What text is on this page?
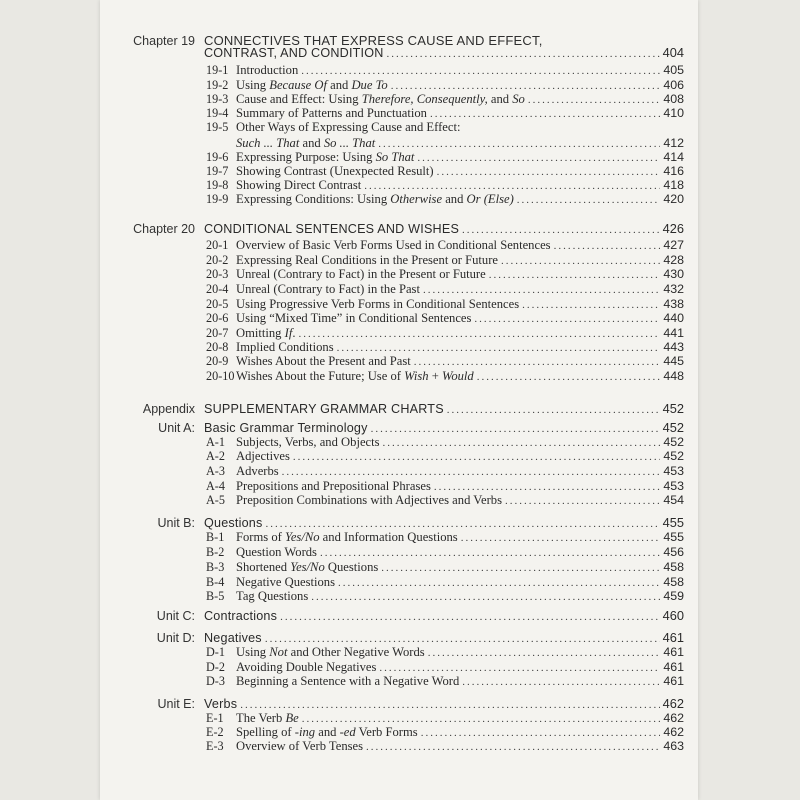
Chapter 19 CONNECTIVES THAT EXPRESS CAUSE AND EFFECT,
CONTRAST, AND CONDITION .....	404
19-1 Introduction .....	405
19-2 Using Because Of and Due To .....	406
19-3 Cause and Effect: Using Therefore, Consequently, and So .....	408
19-4 Summary of Patterns and Punctuation .....	410
19-5 Other Ways of Expressing Cause and Effect:
Such ... That and So ... That .....	412
19-6 Expressing Purpose: Using So That .....	414
19-7 Showing Contrast (Unexpected Result) .....	416
19-8 Showing Direct Contrast .....	418
19-9 Expressing Conditions: Using Otherwise and Or (Else) .....	420
Chapter 20 CONDITIONAL SENTENCES AND WISHES .....	426
20-1 Overview of Basic Verb Forms Used in Conditional Sentences .....	427
20-2 Expressing Real Conditions in the Present or Future .....	428
20-3 Unreal (Contrary to Fact) in the Present or Future .....	430
20-4 Unreal (Contrary to Fact) in the Past .....	432
20-5 Using Progressive Verb Forms in Conditional Sentences .....	438
20-6 Using “Mixed Time” in Conditional Sentences .....	440
20-7 Omitting If. .....	441
20-8 Implied Conditions .....	443
20-9 Wishes About the Present and Past .....	445
20-10 Wishes About the Future; Use of Wish + Would .....	448
Appendix SUPPLEMENTARY GRAMMAR CHARTS .....	452
Unit A: Basic Grammar Terminology .....	452
A-1 Subjects, Verbs, and Objects .....	452
A-2 Adjectives .....	452
A-3 Adverbs .....	453
A-4 Prepositions and Prepositional Phrases .....	453
A-5 Preposition Combinations with Adjectives and Verbs .....	454
Unit B: Questions .....	455
B-1 Forms of Yes/No and Information Questions .....	455
B-2 Question Words .....	456
B-3 Shortened Yes/No Questions .....	458
B-4 Negative Questions .....	458
B-5 Tag Questions .....	459
Unit C: Contractions .....	460
Unit D: Negatives .....	461
D-1 Using Not and Other Negative Words .....	461
D-2 Avoiding Double Negatives .....	461
D-3 Beginning a Sentence with a Negative Word .....	461
Unit E: Verbs .....	462
E-1 The Verb Be .....	462
E-2 Spelling of -ing and -ed Verb Forms .....	462
E-3 Overview of Verb Tenses .....	463
